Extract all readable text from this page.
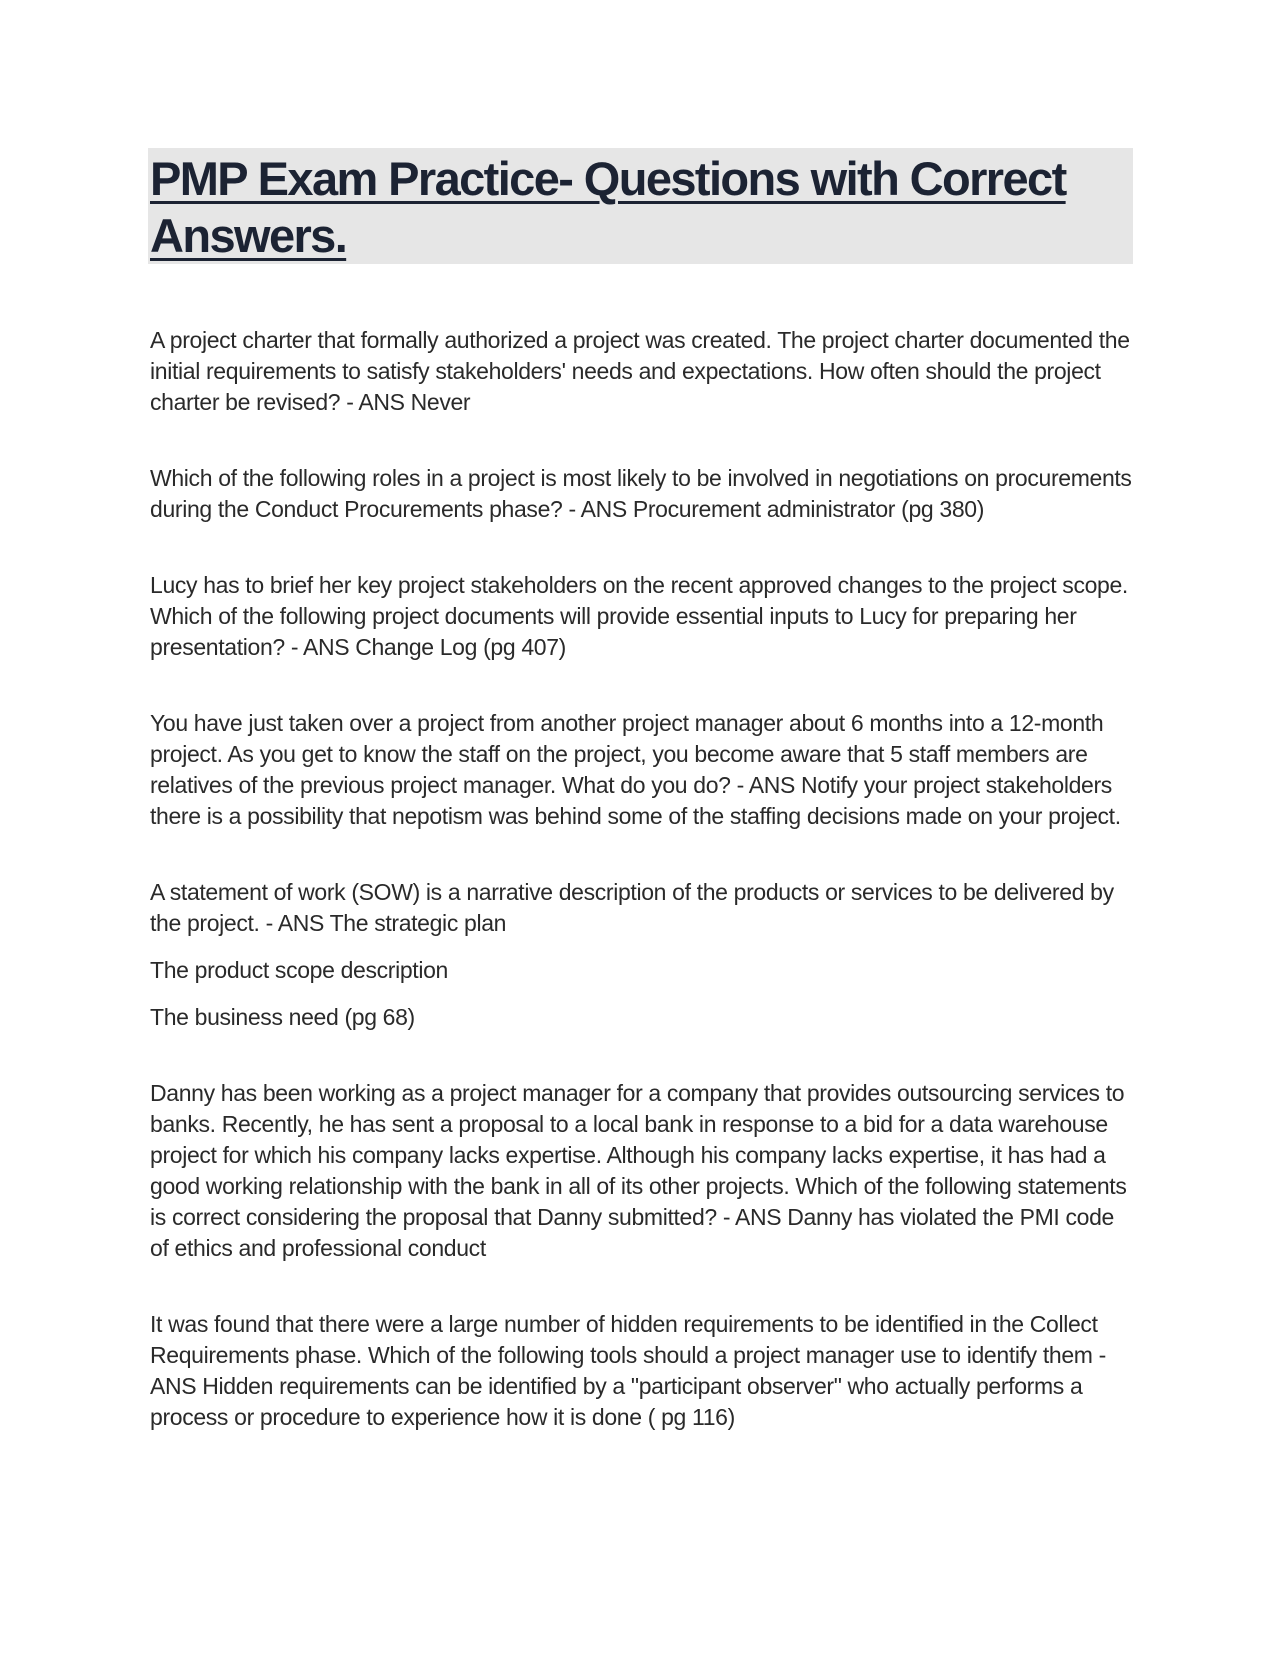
PMP Exam Practice- Questions with Correct Answers.

A project charter that formally authorized a project was created. The project charter documented the initial requirements to satisfy stakeholders' needs and expectations. How often should the project charter be revised? - ANS Never

Which of the following roles in a project is most likely to be involved in negotiations on procurements during the Conduct Procurements phase? - ANS Procurement administrator (pg 380)

Lucy has to brief her key project stakeholders on the recent approved changes to the project scope. Which of the following project documents will provide essential inputs to Lucy for preparing her presentation? - ANS Change Log (pg 407)

You have just taken over a project from another project manager about 6 months into a 12-month project. As you get to know the staff on the project, you become aware that 5 staff members are relatives of the previous project manager. What do you do? - ANS Notify your project stakeholders there is a possibility that nepotism was behind some of the staffing decisions made on your project.

A statement of work (SOW) is a narrative description of the products or services to be delivered by the project. - ANS The strategic plan

The product scope description

The business need (pg 68)

Danny has been working as a project manager for a company that provides outsourcing services to banks. Recently, he has sent a proposal to a local bank in response to a bid for a data warehouse project for which his company lacks expertise. Although his company lacks expertise, it has had a good working relationship with the bank in all of its other projects. Which of the following statements is correct considering the proposal that Danny submitted? - ANS Danny has violated the PMI code of ethics and professional conduct

It was found that there were a large number of hidden requirements to be identified in the Collect Requirements phase. Which of the following tools should a project manager use to identify them - ANS Hidden requirements can be identified by a "participant observer" who actually performs a process or procedure to experience how it is done ( pg 116)
